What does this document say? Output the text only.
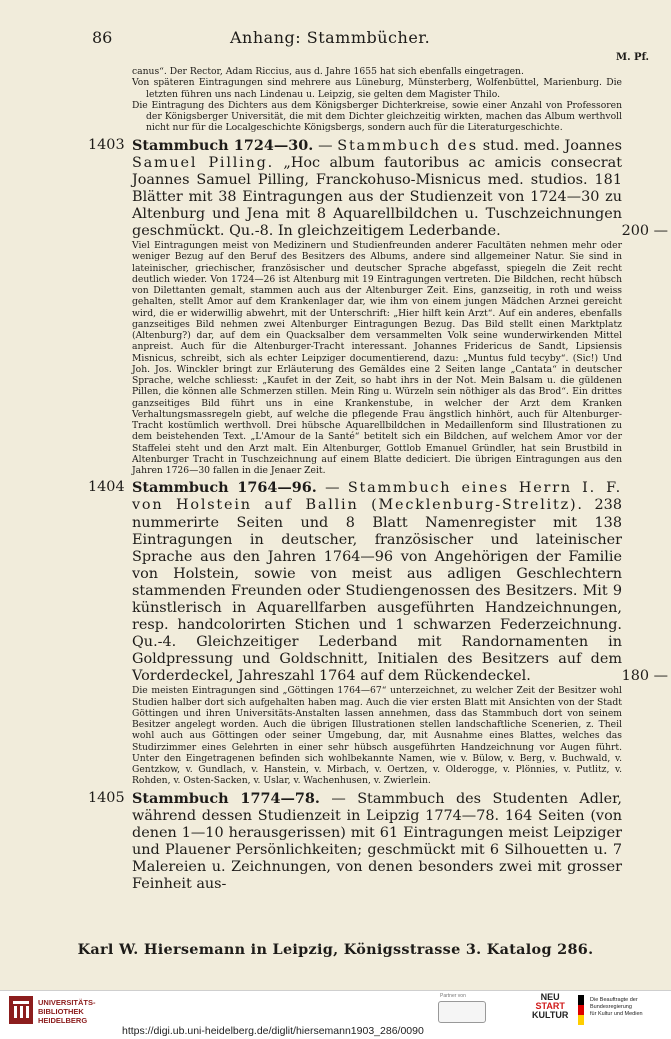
86	Anhang: Stammbücher.
M. Pf.

canus“. Der Rector, Adam Riccius, aus d. Jahre 1655 hat sich ebenfalls eingetragen.

Von späteren Eintragungen sind mehrere aus Lüneburg, Münsterberg, Wolfenbüttel, Marienburg. Die letzten führen uns nach Lindenau u. Leipzig, sie gelten dem Magister Thilo.

Die Eintragung des Dichters aus dem Königsberger Dichterkreise, sowie einer Anzahl von Professoren der Königsberger Universität, die mit dem Dichter gleichzeitig wirkten, machen das Album werthvoll nicht nur für die Localgeschichte Königsbergs, sondern auch für die Literaturgeschichte.

1403 Stammbuch 1724—30. — Stammbuch des stud. med. Joannes Samuel Pilling. „Hoc album fautoribus ac amicis consecrat Joannes Samuel Pilling, Franckohuso-Misnicus med. studios. 181 Blätter mit 38 Eintragungen aus der Studienzeit von 1724—30 zu Altenburg und Jena mit 8 Aquarellbildchen u. Tuschzeichnungen geschmückt. Qu.-8. In gleichzeitigem Lederbande.	200 —

Viel Eintragungen meist von Medizinern und Studienfreunden anderer Facultäten nehmen mehr oder weniger Bezug auf den Beruf des Besitzers des Albums, andere sind allgemeiner Natur. Sie sind in lateinischer, griechischer, französischer und deutscher Sprache abgefasst, spiegeln die Zeit recht deutlich wieder. Von 1724—26 ist Altenburg mit 19 Eintragungen vertreten. Die Bildchen, recht hübsch von Dilettanten gemalt, stammen auch aus der Altenburger Zeit. Eins, ganzseitig, in roth und weiss gehalten, stellt Amor auf dem Krankenlager dar, wie ihm von einem jungen Mädchen Arznei gereicht wird, die er widerwillig abwehrt, mit der Unterschrift: „Hier hilft kein Arzt“. Auf ein anderes, ebenfalls ganzseitiges Bild nehmen zwei Altenburger Eintragungen Bezug. Das Bild stellt einen Marktplatz (Altenburg?) dar, auf dem ein Quacksalber dem versammelten Volk seine wunderwirkenden Mittel anpreist. Auch für die Altenburger-Tracht interessant. Johannes Fridericus de Sandt, Lipsiensis Misnicus, schreibt, sich als echter Leipziger documentierend, dazu: „Muntus fuld tecyby“. (Sic!) Und Joh. Jos. Winckler bringt zur Erläuterung des Gemäldes eine 2 Seiten lange „Cantata“ in deutscher Sprache, welche schliesst: „Kaufet in der Zeit, so habt ihrs in der Not. Mein Balsam u. die güldenen Pillen, die können alle Schmerzen stillen. Mein Ring u. Würzeln sein nöthiger als das Brod“. Ein drittes ganzseitiges Bild führt uns in eine Krankenstube, in welcher der Arzt dem Kranken Verhaltungsmassregeln giebt, auf welche die pflegende Frau ängstlich hinhört, auch für Altenburger-Tracht kostümlich werthvoll. Drei hübsche Aquarellbildchen in Medaillenform sind Illustrationen zu dem beistehenden Text. „L'Amour de la Santé“ betitelt sich ein Bildchen, auf welchem Amor vor der Staffelei steht und den Arzt malt. Ein Altenburger, Gottlob Emanuel Gründler, hat sein Brustbild in Altenburger Tracht in Tuschzeichnung auf einem Blatte dediciert. Die übrigen Eintragungen aus den Jahren 1726—30 fallen in die Jenaer Zeit.

1404 Stammbuch 1764—96. — Stammbuch eines Herrn I. F. von Holstein auf Ballin (Mecklenburg-Strelitz). 238 nummerirte Seiten und 8 Blatt Namenregister mit 138 Eintragungen in deutscher, französischer und lateinischer Sprache aus den Jahren 1764—96 von Angehörigen der Familie von Holstein, sowie von meist aus adligen Geschlechtern stammenden Freunden oder Studiengenossen des Besitzers. Mit 9 künstlerisch in Aquarellfarben ausgeführten Handzeichnungen, resp. handcolorirten Stichen und 1 schwarzen Federzeichnung. Qu.-4. Gleichzeitiger Lederband mit Randornamenten in Goldpressung und Goldschnitt, Initialen des Besitzers auf dem Vorderdeckel, Jahreszahl 1764 auf dem Rückendeckel.	180 —

Die meisten Eintragungen sind „Göttingen 1764—67“ unterzeichnet, zu welcher Zeit der Besitzer wohl Studien halber dort sich aufgehalten haben mag. Auch die vier ersten Blatt mit Ansichten von der Stadt Göttingen und ihren Universitäts-Anstalten lassen annehmen, dass das Stammbuch dort von seinem Besitzer angelegt worden. Auch die übrigen Illustrationen stellen landschaftliche Scenerien, z. Theil wohl auch aus Göttingen oder seiner Umgebung, dar, mit Ausnahme eines Blattes, welches das Studirzimmer eines Gelehrten in einer sehr hübsch ausgeführten Handzeichnung vor Augen führt. Unter den Eingetragenen befinden sich wohlbekannte Namen, wie v. Bülow, v. Berg, v. Buchwald, v. Gentzkow, v. Gundlach, v. Hanstein, v. Mirbach, v. Oertzen, v. Olderogge, v. Plönnies, v. Putlitz, v. Rohden, v. Osten-Sacken, v. Uslar, v. Wachenhusen, v. Zwierlein.

1405 Stammbuch 1774—78. — Stammbuch des Studenten Adler, während dessen Studienzeit in Leipzig 1774—78. 164 Seiten (von denen 1—10 herausgerissen) mit 61 Eintragungen meist Leipziger und Plauener Persönlichkeiten; geschmückt mit 6 Silhouetten u. 7 Malereien u. Zeichnungen, von denen besonders zwei mit grosser Feinheit aus-
Karl W. Hiersemann in Leipzig, Königsstrasse 3. Katalog 286.
UNIVERSITÄTS-
BIBLIOTHEK
HEIDELBERG
Partner von	NEU
START
KULTUR
Die Beauftragte der Bundesregierung
für Kultur und Medien
https://digi.ub.uni-heidelberg.de/diglit/hiersemann1903_286/0090
